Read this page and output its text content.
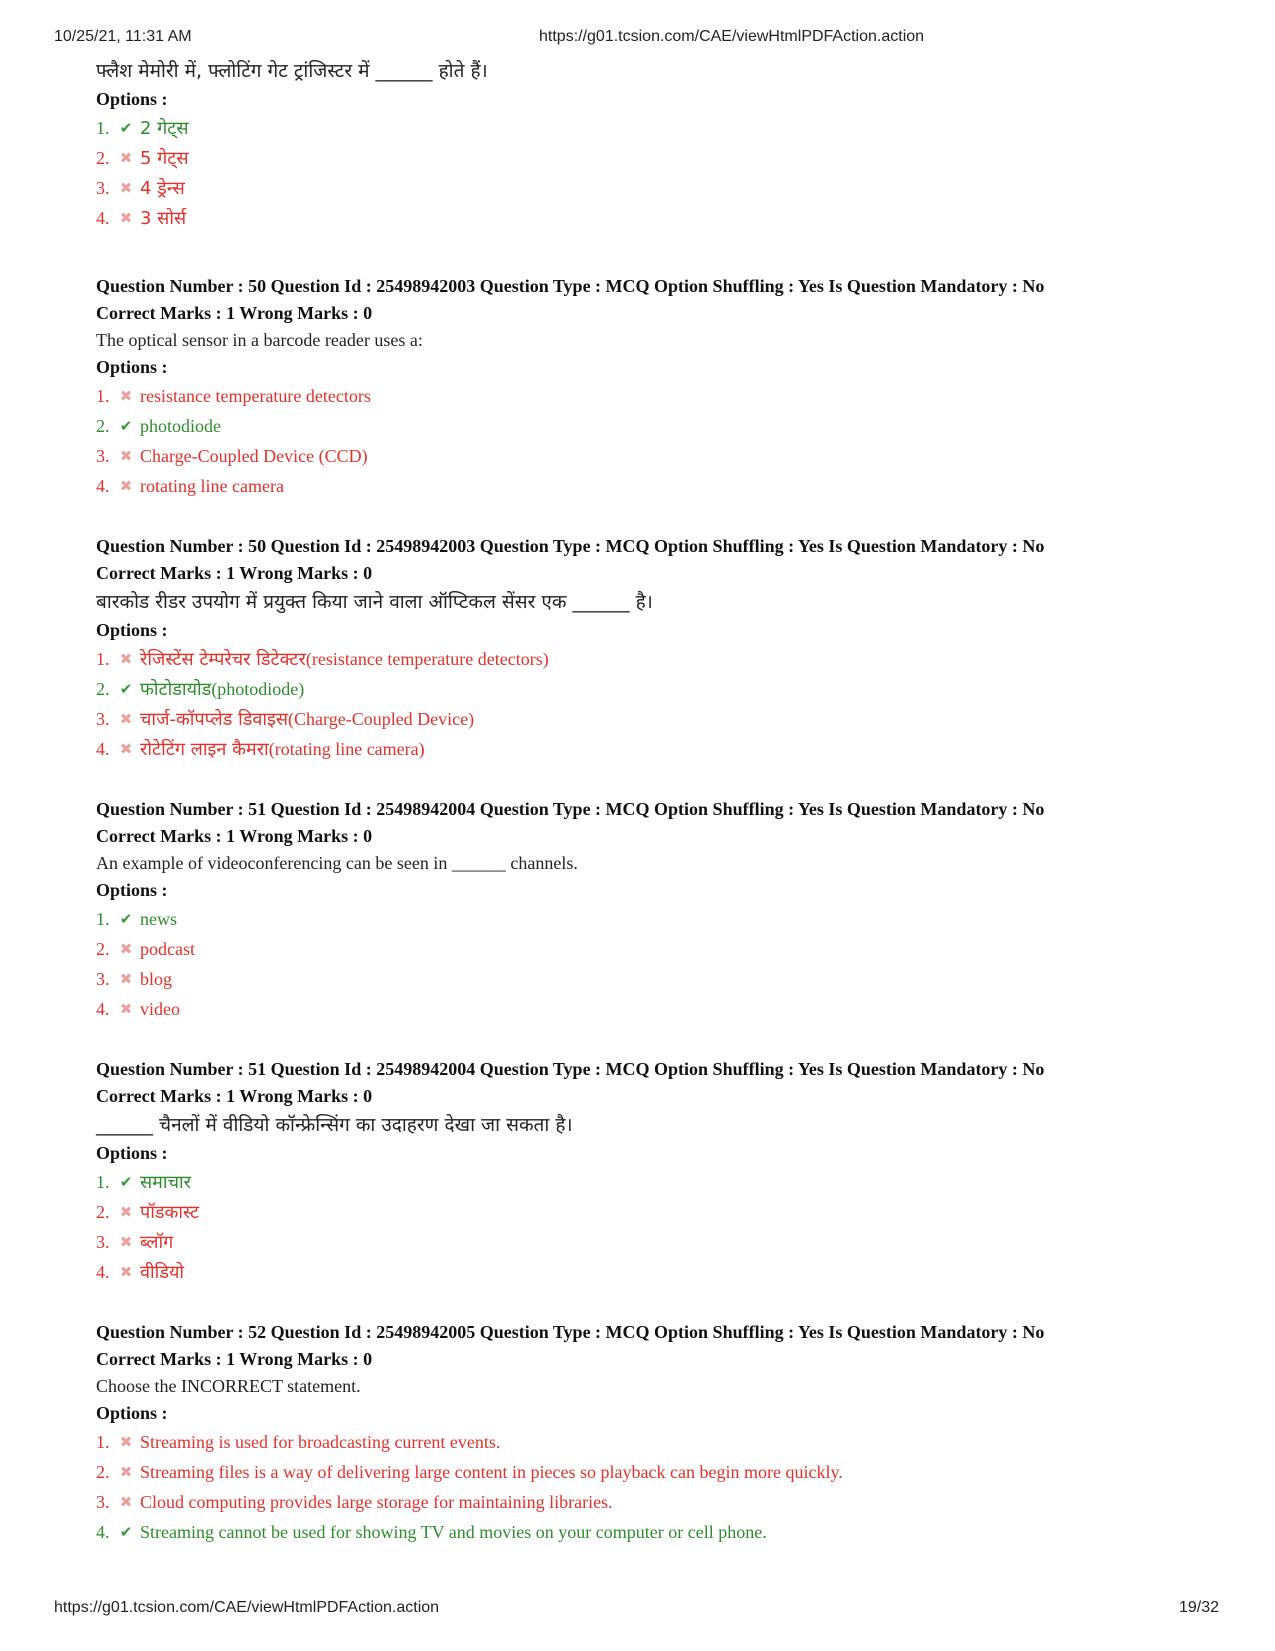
10/25/21, 11:31 AM	https://g01.tcsion.com/CAE/viewHtmlPDFAction.action
फ्लैश मेमोरी में, फ्लोटिंग गेट ट्रांजिस्टर में ______ होते हैं।
Options :
1. ✔ 2 गेट्स
2. ✖ 5 गेट्स
3. ✖ 4 ड्रेन्स
4. ✖ 3 सोर्स
Question Number : 50 Question Id : 25498942003 Question Type : MCQ Option Shuffling : Yes Is Question Mandatory : No
Correct Marks : 1 Wrong Marks : 0
The optical sensor in a barcode reader uses a:
Options :
1. ✖ resistance temperature detectors
2. ✔ photodiode
3. ✖ Charge-Coupled Device (CCD)
4. ✖ rotating line camera
Question Number : 50 Question Id : 25498942003 Question Type : MCQ Option Shuffling : Yes Is Question Mandatory : No
Correct Marks : 1 Wrong Marks : 0
बारकोड रीडर उपयोग में प्रयुक्त किया जाने वाला ऑप्टिकल सेंसर एक ______ है।
Options :
1. ✖ रेजिस्टेंस टेम्परेचर डिटेक्टर (resistance temperature detectors)
2. ✔ फोटोडायोड (photodiode)
3. ✖ चार्ज-कॉपप्लेड डिवाइस (Charge-Coupled Device)
4. ✖ रोटेटिंग लाइन कैमरा (rotating line camera)
Question Number : 51 Question Id : 25498942004 Question Type : MCQ Option Shuffling : Yes Is Question Mandatory : No
Correct Marks : 1 Wrong Marks : 0
An example of videoconferencing can be seen in ______ channels.
Options :
1. ✔ news
2. ✖ podcast
3. ✖ blog
4. ✖ video
Question Number : 51 Question Id : 25498942004 Question Type : MCQ Option Shuffling : Yes Is Question Mandatory : No
Correct Marks : 1 Wrong Marks : 0
______ चैनलों में वीडियो कॉन्फ्रेन्सिंग का उदाहरण देखा जा सकता है।
Options :
1. ✔ समाचार
2. ✖ पॉडकास्ट
3. ✖ ब्लॉग
4. ✖ वीडियो
Question Number : 52 Question Id : 25498942005 Question Type : MCQ Option Shuffling : Yes Is Question Mandatory : No
Correct Marks : 1 Wrong Marks : 0
Choose the INCORRECT statement.
Options :
1. ✖ Streaming is used for broadcasting current events.
2. ✖ Streaming files is a way of delivering large content in pieces so playback can begin more quickly.
3. ✖ Cloud computing provides large storage for maintaining libraries.
4. ✔ Streaming cannot be used for showing TV and movies on your computer or cell phone.
https://g01.tcsion.com/CAE/viewHtmlPDFAction.action	19/32
